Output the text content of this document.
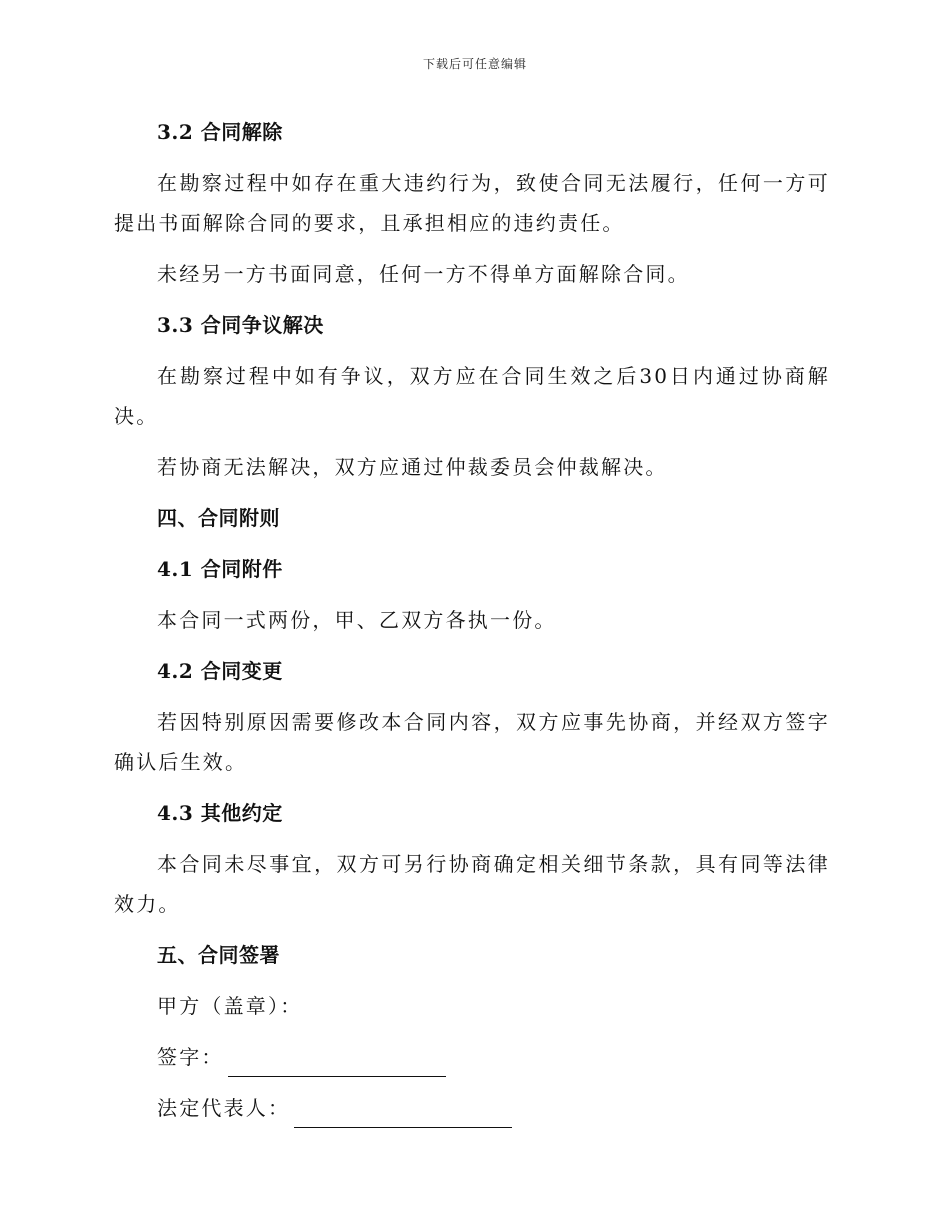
下载后可任意编辑

3.2 合同解除

在勘察过程中如存在重大违约行为，致使合同无法履行，任何一方可提出书面解除合同的要求，且承担相应的违约责任。

未经另一方书面同意，任何一方不得单方面解除合同。

3.3 合同争议解决

在勘察过程中如有争议，双方应在合同生效之后30日内通过协商解决。

若协商无法解决，双方应通过仲裁委员会仲裁解决。

四、合同附则

4.1 合同附件

本合同一式两份，甲、乙双方各执一份。

4.2 合同变更

若因特别原因需要修改本合同内容，双方应事先协商，并经双方签字确认后生效。

4.3 其他约定

本合同未尽事宜，双方可另行协商确定相关细节条款，具有同等法律效力。

五、合同签署

甲方（盖章）：

签字：

法定代表人：
